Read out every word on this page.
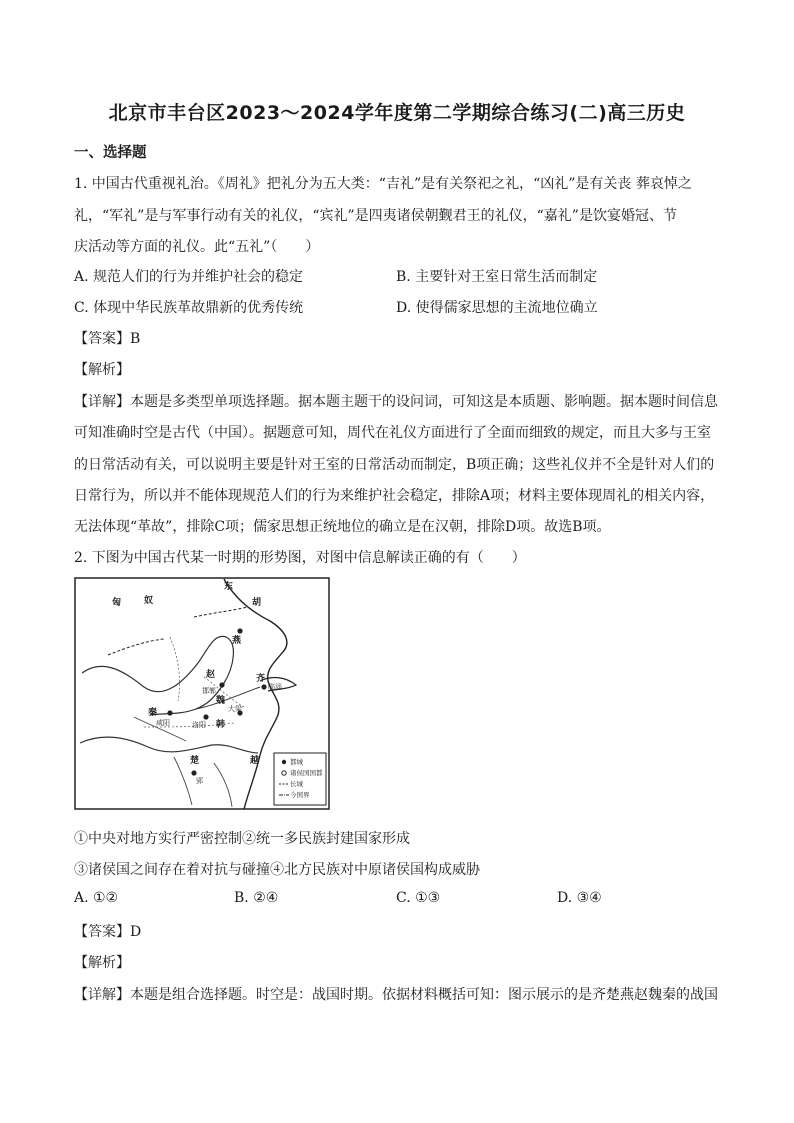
北京市丰台区2023～2024学年度第二学期综合练习(二)高三历史
一、选择题
1. 中国古代重视礼治。《周礼》把礼分为五大类：“吉礼”是有关祭祀之礼，“凶礼”是有关丧 葬哀悼之
礼，“军礼”是与军事行动有关的礼仪，“宾礼”是四夷诸侯朝觐君王的礼仪，“嘉礼”是饮宴婚冠、节
庆活动等方面的礼仪。此“五礼”（　　）
A. 规范人们的行为并维护社会的稳定	B. 主要针对王室日常生活而制定
C. 体现中华民族革故鼎新的优秀传统	D. 使得儒家思想的主流地位确立
【答案】B
【解析】
【详解】本题是多类型单项选择题。据本题主题干的设问词，可知这是本质题、影响题。据本题时间信息
可知准确时空是古代（中国）。据题意可知，周代在礼仪方面进行了全面而细致的规定，而且大多与王室
的日常活动有关，可以说明主要是针对王室的日常活动而制定，B项正确；这些礼仪并不全是针对人们的
日常行为，所以并不能体现规范人们的行为来维护社会稳定，排除A项；材料主要体现周礼的相关内容，
无法体现“革故”，排除C项；儒家思想正统地位的确立是在汉朝，排除D项。故选B项。
2. 下图为中国古代某一时期的形势图，对图中信息解读正确的有（　　）
匈	奴
东
胡
燕
赵
邯郸
齐
临淄
大梁
魏
咸阳
秦
洛阳 韩
楚
郢
越	都城
诸侯国国都
长城
今国界
①中央对地方实行严密控制②统一多民族封建国家形成
③诸侯国之间存在着对抗与碰撞④北方民族对中原诸侯国构成威胁
A. ①②	B. ②④	C. ①③	D. ③④
【答案】D
【解析】
【详解】本题是组合选择题。时空是：战国时期。依据材料概括可知：图示展示的是齐楚燕赵魏秦的战国
